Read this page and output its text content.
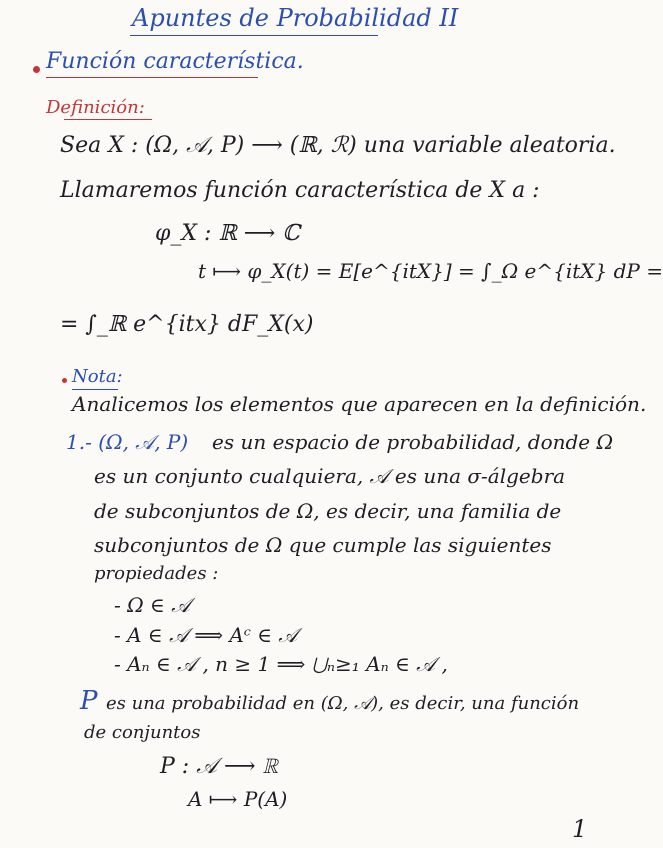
Apuntes de Probabilidad II
Función característica.
Definición:
Sea X : (Ω, 𝒜, P) ⟶ (ℝ, ℛ) una variable aleatoria.
Llamaremos función característica de X a :
φ_X : ℝ ⟶ ℂ
t ⟼ φ_X(t) = E[e^{itX}] = ∫_Ω e^{itX} dP =
= ∫_ℝ e^{itx} dF_X(x)
Nota:
Analicemos los elementos que aparecen en la definición.
1.- (Ω, 𝒜, P) es un espacio de probabilidad, donde Ω
es un conjunto cualquiera, 𝒜 es una σ-álgebra
de subconjuntos de Ω, es decir, una familia de
subconjuntos de Ω que cumple las siguientes
propiedades :
- Ω ∈ 𝒜
- A ∈ 𝒜 ⟹ Aᶜ ∈ 𝒜
- Aₙ ∈ 𝒜 , n ≥ 1 ⟹ ⋃ₙ≥₁ Aₙ ∈ 𝒜 ,
P es una probabilidad en (Ω, 𝒜), es decir, una función
de conjuntos
P : 𝒜 ⟶ ℝ
A ⟼ P(A)
1
